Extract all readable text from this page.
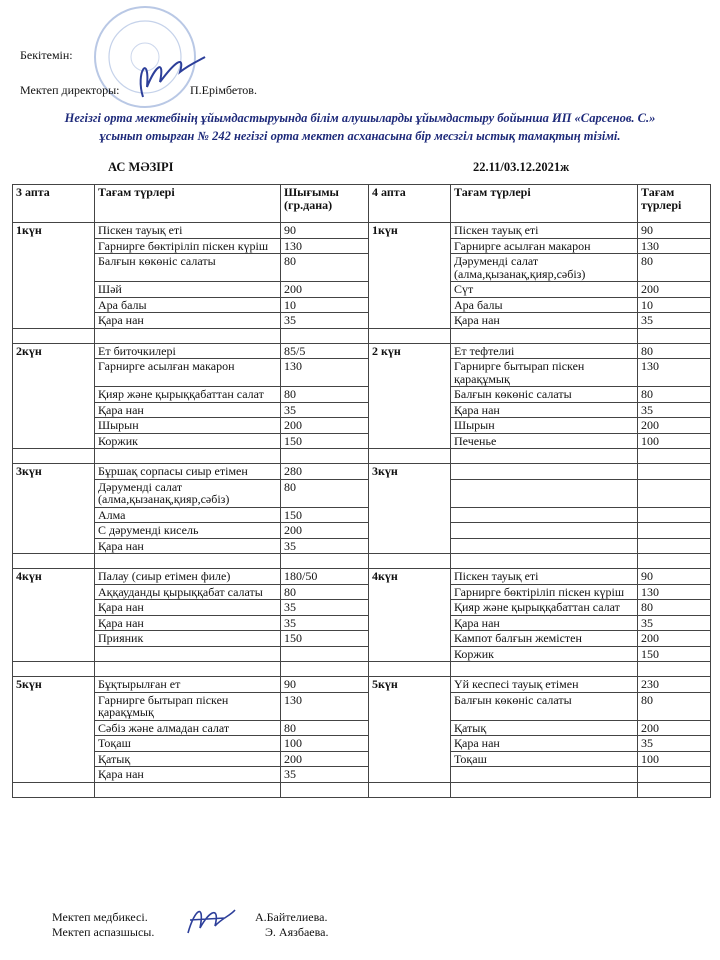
Бекітемін:
Мектеп директоры:	П.Ерімбетов.
Негізгі орта мектебінің ұйымдастыруында білім алушыларды ұйымдастыру бойынша ИП «Сарсенов. С.»
ұсынып отырған № 242 негізгі орта мектеп асханасына бір месзгіл ыстық тамақтың тізімі.
АС МӘЗІРІ	22.11/03.12.2021ж
3 апта	Тағам түрлері	Шығымы (гр.дана)	4 апта	Тағам түрлері	Тағам түрлері
1күн	Піскен тауық еті	90	1күн	Піскен тауық еті	90
	Гарнирге бөктіріліп піскен күріш	130		Гарнирге асылған макарон	130
	Балғын көкөніс салаты	80		Дәруменді салат (алма,қызанақ,қияр,сәбіз)	80
	Шәй	200		Сүт	200
	Ара балы	10		Ара балы	10
	Қара нан	35		Қара нан	35

2күн	Ет биточкилері	85/5	2 күн	Ет тефтелиі	80
	Гарнирге асылған макарон	130		Гарнирге бытырап піскен қарақұмық	130
	Қияр және қырыққабаттан салат	80		Балғын көкөніс салаты	80
	Қара нан	35		Қара нан	35
	Шырын	200		Шырын	200
	Коржик	150		Печенье	100

3күн	Бұршақ сорпасы сиыр етімен	280	3күн		
	Дәруменді салат (алма,қызанақ,қияр,сәбіз)	80			
	Алма	150			
	С дәруменді кисель	200			
	Қара нан	35			

4күн	Палау (сиыр етімен филе)	180/50	4күн	Піскен тауық еті	90
	Аққауданды қырыққабат салаты	80		Гарнирге бөктіріліп піскен күріш	130
	Қара нан	35		Қияр және қырыққабаттан салат	80
	Қара нан	35		Қара нан	35
	Прияник	150		Кампот балғын жемістен	200
				Коржик	150

5күн	Бұқтырылған ет	90	5күн	Үй кеспесі тауық етімен	230
	Гарнирге бытырап піскен қарақұмық	130		Балғын көкөніс салаты	80
	Сәбіз және алмадан салат	80		Қатық	200
	Тоқаш	100		Қара нан	35
	Қатық	200		Тоқаш	100
	Қара нан	35			

Мектеп медбикесі.
Мектеп аспазшысы.
А.Байтелиева.
Э. Аязбаева.
